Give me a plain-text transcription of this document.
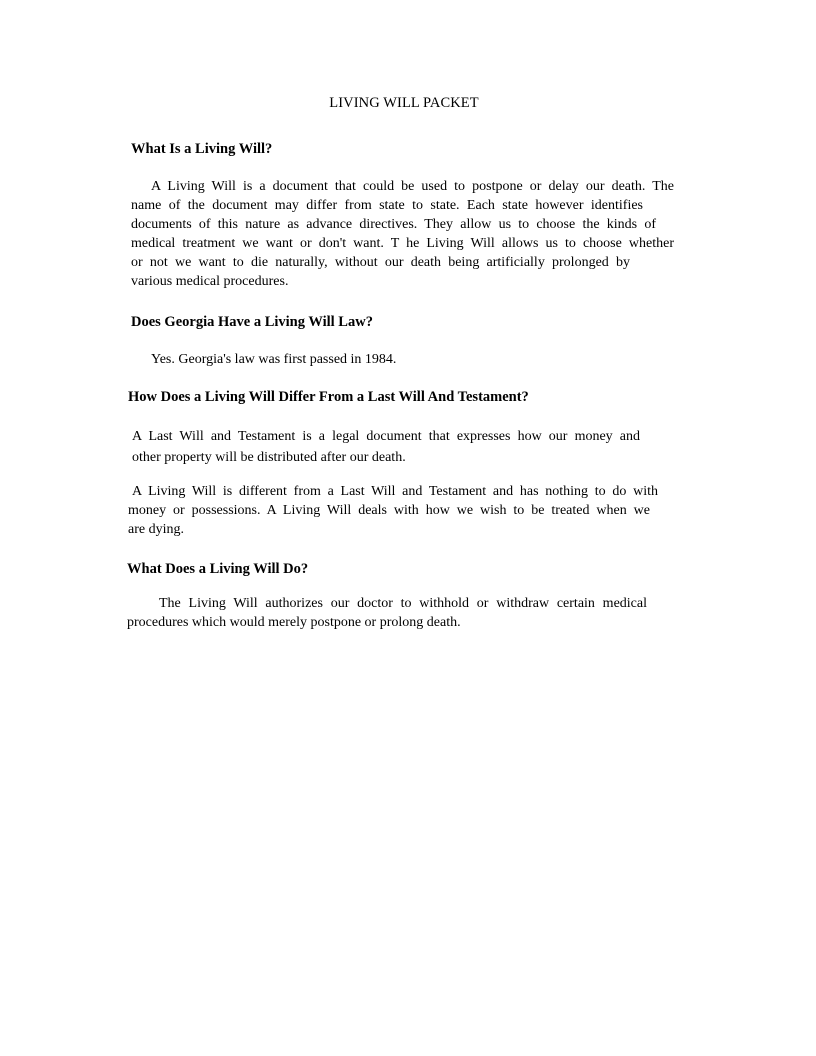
LIVING WILL PACKET
What Is a Living Will?
A Living Will is a document that could be used to postpone or delay our death. The
name of the document may differ from state to state. Each state however identifies
documents of this nature as advance directives. They allow us to choose the kinds of
medical treatment we want or don't want. T he Living Will allows us to choose whether
or not we want to die naturally, without our death being artificially prolonged by
various medical procedures.
Does Georgia Have a Living Will Law?
Yes. Georgia's law was first passed in 1984.
How Does a Living Will Differ From a Last Will And Testament?
A Last Will and Testament is a legal document that expresses how our money and
other property will be distributed after our death.
A Living Will is different from a Last Will and Testament and has nothing to do with
money or possessions. A Living Will deals with how we wish to be treated when we
are dying.
What Does a Living Will Do?
The Living Will authorizes our doctor to withhold or withdraw certain medical
procedures which would merely postpone or prolong death.
